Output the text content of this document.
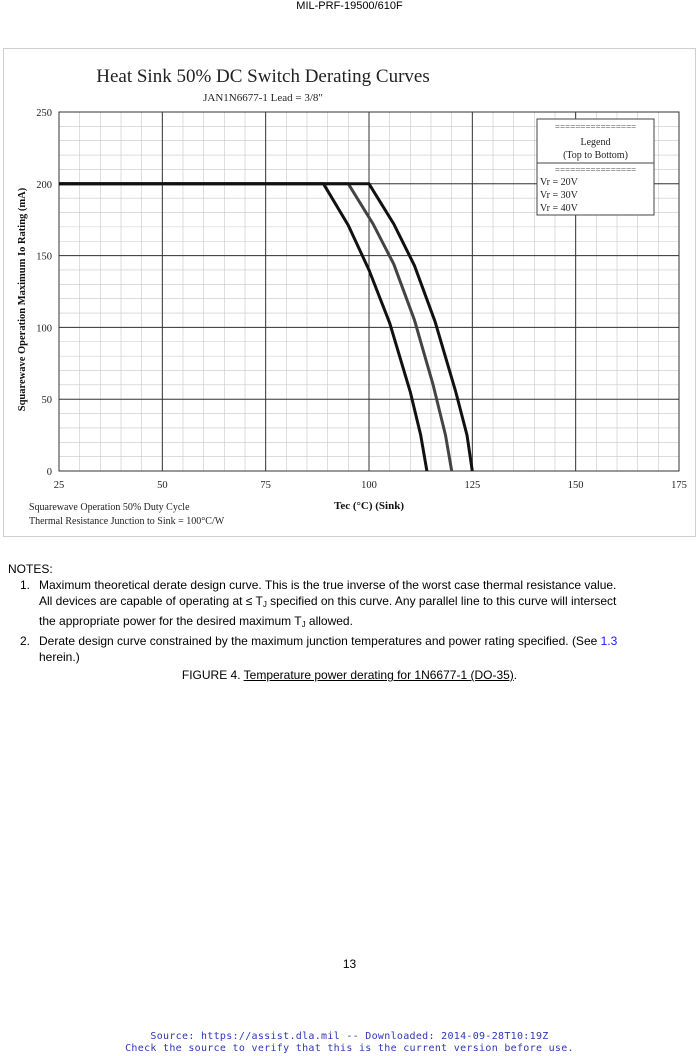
MIL-PRF-19500/610F
Heat Sink 50% DC Switch Derating Curves
JAN1N6677-1 Lead = 3/8"
0
50
100
150
200
250
25	50	75	100	125	150	175
Squarewave Operation Maximum Io Rating (mA)
Tec (°C) (Sink)
Squarewave Operation 50% Duty Cycle
Thermal Resistance Junction to Sink = 100°C/W
================
Legend
(Top to Bottom)
================
Vr = 20V
Vr = 30V
Vr = 40V
NOTES:
1. Maximum theoretical derate design curve. This is the true inverse of the worst case thermal resistance value.
All devices are capable of operating at ≤ $T_J$ specified on this curve. Any parallel line to this curve will intersect
the appropriate power for the desired maximum $T_J$ allowed.
2. Derate design curve constrained by the maximum junction temperatures and power rating specified. (See 1.3
herein.)
FIGURE 4. Temperature power derating for 1N6677-1 (DO-35).
13
Source: https://assist.dla.mil -- Downloaded: 2014-09-28T10:19Z
Check the source to verify that this is the current version before use.
